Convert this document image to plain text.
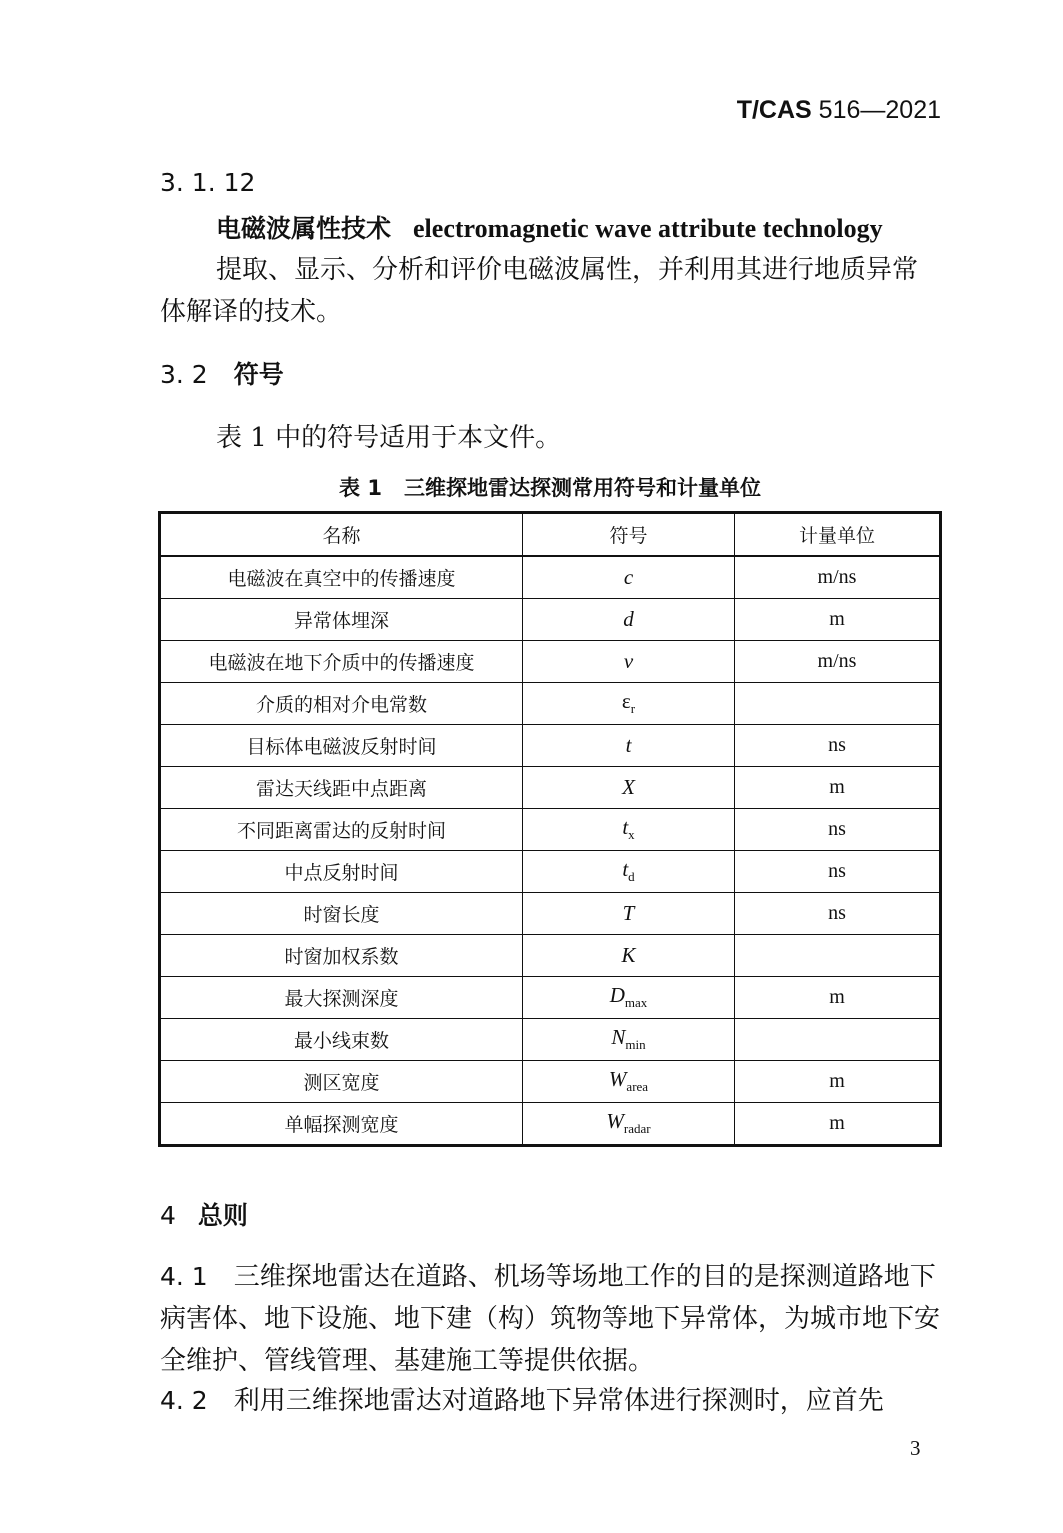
T/CAS 516—2021
3. 1. 12
电磁波属性技术 electromagnetic wave attribute technology
提取、显示、分析和评价电磁波属性，并利用其进行地质异常体解译的技术。
3. 2 符号
表 1 中的符号适用于本文件。
表 1 三维探地雷达探测常用符号和计量单位
名称	符号	计量单位
电磁波在真空中的传播速度	c	m/ns
异常体埋深	d	m
电磁波在地下介质中的传播速度	v	m/ns
介质的相对介电常数	$\varepsilon_r$	
目标体电磁波反射时间	t	ns
雷达天线距中点距离	X	m
不同距离雷达的反射时间	$t_x$	ns
中点反射时间	$t_d$	ns
时窗长度	T	ns
时窗加权系数	K	
最大探测深度	$D_{max}$	m
最小线束数	$N_{min}$	
测区宽度	$W_{area}$	m
单幅探测宽度	$W_{radar}$	m
4 总则
4. 1 三维探地雷达在道路、机场等场地工作的目的是探测道路地下病害体、地下设施、地下建（构）筑物等地下异常体，为城市地下安全维护、管线管理、基建施工等提供依据。
4. 2 利用三维探地雷达对道路地下异常体进行探测时，应首先
3
